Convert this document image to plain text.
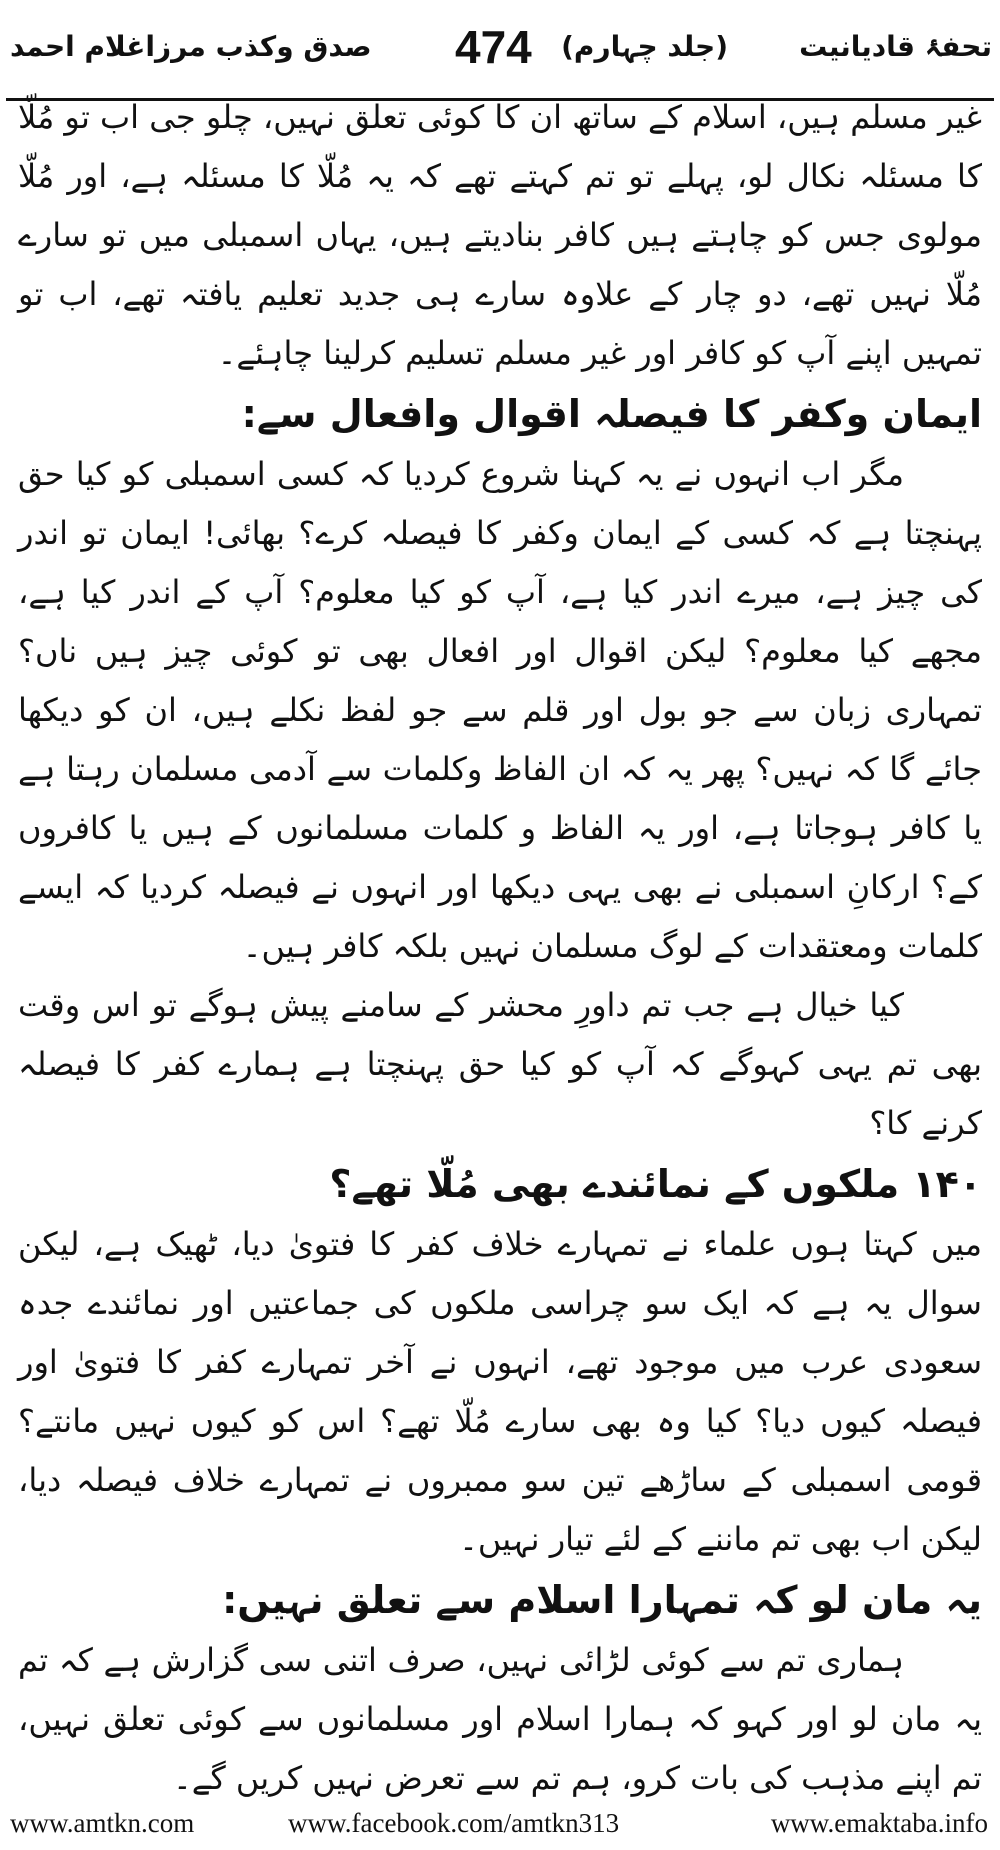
تحفۂ قادیانیت
(جلد چہارم)
474
صدق وکذب مرزاغلام احمد

غیر مسلم ہیں، اسلام کے ساتھ ان کا کوئی تعلق نہیں، چلو جی اب تو مُلّا کا مسئلہ نکال لو، پہلے تو تم کہتے تھے کہ یہ مُلّا کا مسئلہ ہے، اور مُلّا مولوی جس کو چاہتے ہیں کافر بنادیتے ہیں، یہاں اسمبلی میں تو سارے مُلّا نہیں تھے، دو چار کے علاوہ سارے ہی جدید تعلیم یافتہ تھے، اب تو تمہیں اپنے آپ کو کافر اور غیر مسلم تسلیم کرلینا چاہئے۔

ایمان وکفر کا فیصلہ اقوال وافعال سے:

مگر اب انہوں نے یہ کہنا شروع کردیا کہ کسی اسمبلی کو کیا حق پہنچتا ہے کہ کسی کے ایمان وکفر کا فیصلہ کرے؟ بھائی! ایمان تو اندر کی چیز ہے، میرے اندر کیا ہے، آپ کو کیا معلوم؟ آپ کے اندر کیا ہے، مجھے کیا معلوم؟ لیکن اقوال اور افعال بھی تو کوئی چیز ہیں ناں؟ تمہاری زبان سے جو بول اور قلم سے جو لفظ نکلے ہیں، ان کو دیکھا جائے گا کہ نہیں؟ پھر یہ کہ ان الفاظ وکلمات سے آدمی مسلمان رہتا ہے یا کافر ہوجاتا ہے، اور یہ الفاظ و کلمات مسلمانوں کے ہیں یا کافروں کے؟ ارکانِ اسمبلی نے بھی یہی دیکھا اور انہوں نے فیصلہ کردیا کہ ایسے کلمات ومعتقدات کے لوگ مسلمان نہیں بلکہ کافر ہیں۔

کیا خیال ہے جب تم داورِ محشر کے سامنے پیش ہوگے تو اس وقت بھی تم یہی کہوگے کہ آپ کو کیا حق پہنچتا ہے ہمارے کفر کا فیصلہ کرنے کا؟

۱۴۰ ملکوں کے نمائندے بھی مُلّا تھے؟

میں کہتا ہوں علماء نے تمہارے خلاف کفر کا فتویٰ دیا، ٹھیک ہے، لیکن سوال یہ ہے کہ ایک سو چراسی ملکوں کی جماعتیں اور نمائندے جدہ سعودی عرب میں موجود تھے، انہوں نے آخر تمہارے کفر کا فتویٰ اور فیصلہ کیوں دیا؟ کیا وہ بھی سارے مُلّا تھے؟ اس کو کیوں نہیں مانتے؟ قومی اسمبلی کے ساڑھے تین سو ممبروں نے تمہارے خلاف فیصلہ دیا، لیکن اب بھی تم ماننے کے لئے تیار نہیں۔

یہ مان لو کہ تمہارا اسلام سے تعلق نہیں:

ہماری تم سے کوئی لڑائی نہیں، صرف اتنی سی گزارش ہے کہ تم یہ مان لو اور کہو کہ ہمارا اسلام اور مسلمانوں سے کوئی تعلق نہیں، تم اپنے مذہب کی بات کرو، ہم تم سے تعرض نہیں کریں گے۔

www.amtkn.com	www.facebook.com/amtkn313	www.emaktaba.info
